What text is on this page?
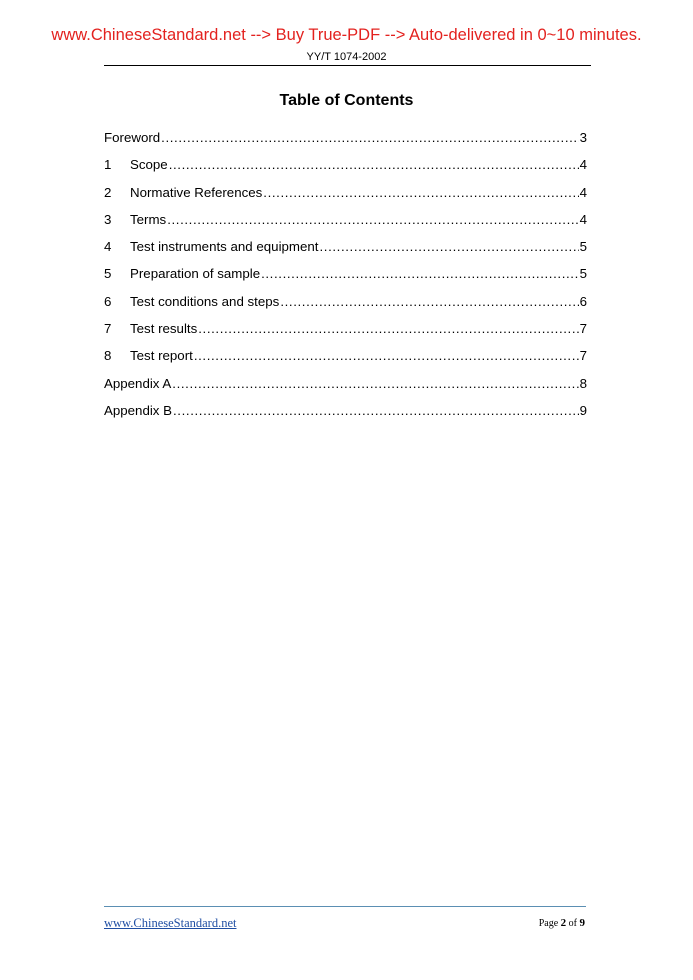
www.ChineseStandard.net --> Buy True-PDF --> Auto-delivered in 0~10 minutes.
YY/T 1074-2002
Table of Contents
Foreword .....	3
1	Scope .....	4
2	Normative References .....	4
3	Terms .....	4
4	Test instruments and equipment .....	5
5	Preparation of sample .....	5
6	Test conditions and steps .....	6
7	Test results .....	7
8	Test report .....	7
Appendix A .....	8
Appendix B .....	9
www.ChineseStandard.net	Page 2 of 9
